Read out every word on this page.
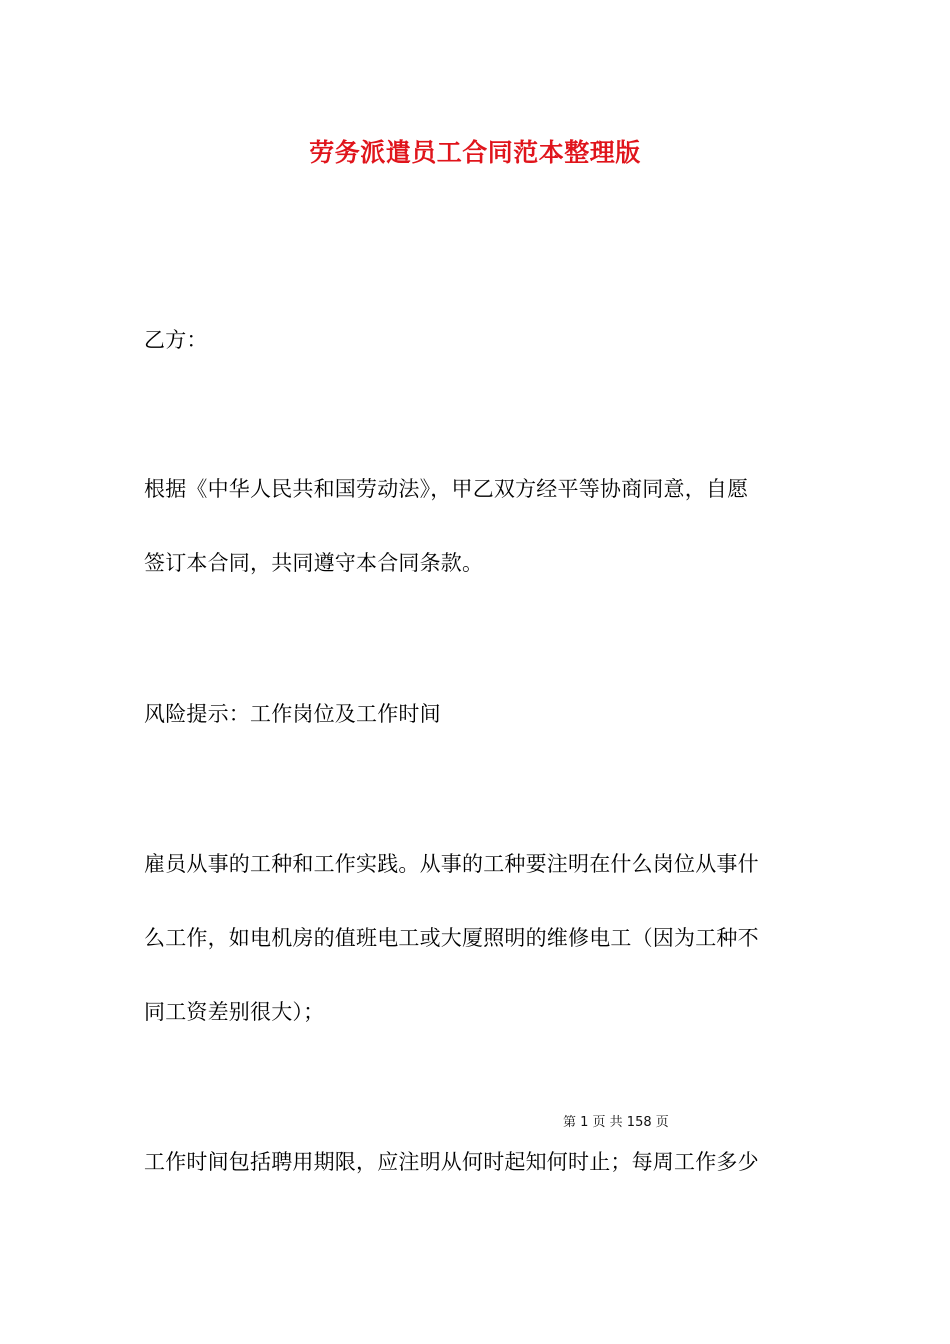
劳务派遣员工合同范本整理版
乙方：
根据《中华人民共和国劳动法》，甲乙双方经平等协商同意，自愿
签订本合同，共同遵守本合同条款。
风险提示：工作岗位及工作时间
雇员从事的工种和工作实践。从事的工种要注明在什么岗位从事什
么工作，如电机房的值班电工或大厦照明的维修电工（因为工种不
同工资差别很大）；
第 1 页 共 158 页
工作时间包括聘用期限，应注明从何时起知何时止；每周工作多少
